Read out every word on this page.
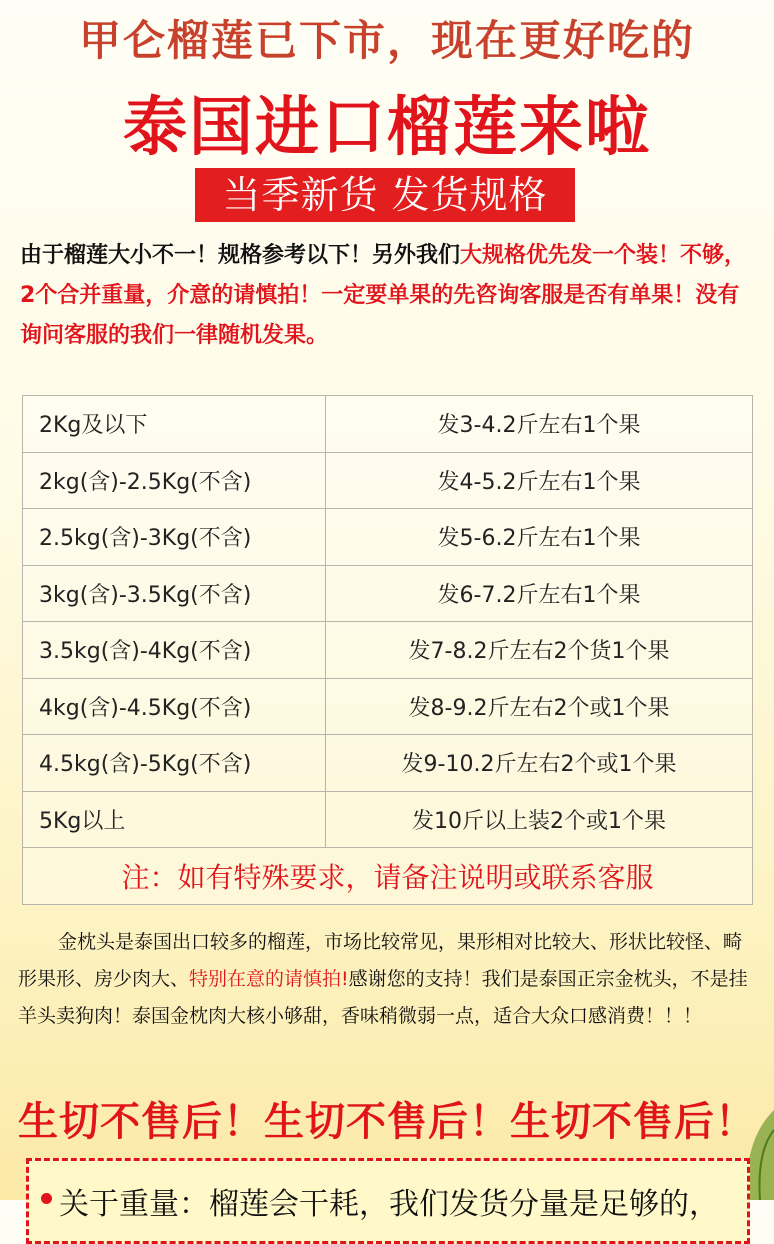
甲仑榴莲已下市，现在更好吃的
泰国进口榴莲来啦
当季新货 发货规格
由于榴莲大小不一！规格参考以下！另外我们大规格优先发一个装！不够，2个合并重量，介意的请慎拍！一定要单果的先咨询客服是否有单果！没有询问客服的我们一律随机发果。
2Kg及以下	发3-4.2斤左右1个果
2kg(含)-2.5Kg(不含)	发4-5.2斤左右1个果
2.5kg(含)-3Kg(不含)	发5-6.2斤左右1个果
3kg(含)-3.5Kg(不含)	发6-7.2斤左右1个果
3.5kg(含)-4Kg(不含)	发7-8.2斤左右2个货1个果
4kg(含)-4.5Kg(不含)	发8-9.2斤左右2个或1个果
4.5kg(含)-5Kg(不含)	发9-10.2斤左右2个或1个果
5Kg以上	发10斤以上装2个或1个果
注：如有特殊要求，请备注说明或联系客服	
金枕头是泰国出口较多的榴莲，市场比较常见，果形相对比较大、形状比较怪、畸形果形、房少肉大、特别在意的请慎拍!感谢您的支持！我们是泰国正宗金枕头，不是挂羊头卖狗肉！泰国金枕肉大核小够甜，香味稍微弱一点，适合大众口感消费！！！
生切不售后！生切不售后！生切不售后！
关于重量：榴莲会干耗，我们发货分量是足够的，
